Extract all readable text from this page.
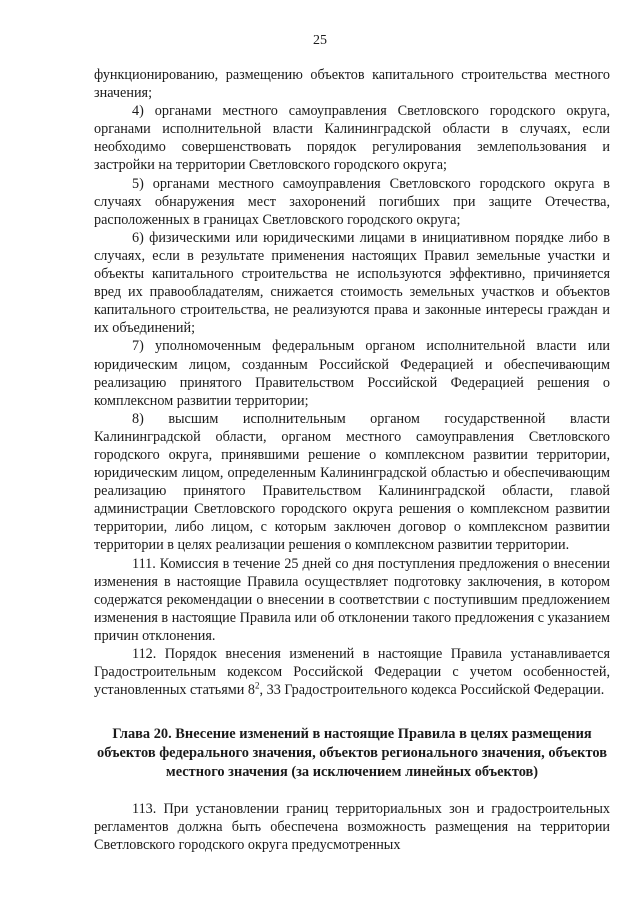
25

функционированию, размещению объектов капитального строительства местного значения;

4) органами местного самоуправления Светловского городского округа, органами исполнительной власти Калининградской области в случаях, если необходимо совершенствовать порядок регулирования землепользования и застройки на территории Светловского городского округа;

5) органами местного самоуправления Светловского городского округа в случаях обнаружения мест захоронений погибших при защите Отечества, расположенных в границах Светловского городского округа;

6) физическими или юридическими лицами в инициативном порядке либо в случаях, если в результате применения настоящих Правил земельные участки и объекты капитального строительства не используются эффективно, причиняется вред их правообладателям, снижается стоимость земельных участков и объектов капитального строительства, не реализуются права и законные интересы граждан и их объединений;

7) уполномоченным федеральным органом исполнительной власти или юридическим лицом, созданным Российской Федерацией и обеспечивающим реализацию принятого Правительством Российской Федерацией решения о комплексном развитии территории;

8) высшим исполнительным органом государственной власти Калининградской области, органом местного самоуправления Светловского городского округа, принявшими решение о комплексном развитии территории, юридическим лицом, определенным Калининградской областью и обеспечивающим реализацию принятого Правительством Калининградской области, главой администрации Светловского городского округа решения о комплексном развитии территории, либо лицом, с которым заключен договор о комплексном развитии территории в целях реализации решения о комплексном развитии территории.

111. Комиссия в течение 25 дней со дня поступления предложения о внесении изменения в настоящие Правила осуществляет подготовку заключения, в котором содержатся рекомендации о внесении в соответствии с поступившим предложением изменения в настоящие Правила или об отклонении такого предложения с указанием причин отклонения.

112. Порядок внесения изменений в настоящие Правила устанавливается Градостроительным кодексом Российской Федерации с учетом особенностей, установленных статьями $8^2$, 33 Градостроительного кодекса Российской Федерации.

Глава 20. Внесение изменений в настоящие Правила в целях размещения объектов федерального значения, объектов регионального значения, объектов местного значения (за исключением линейных объектов)

113. При установлении границ территориальных зон и градостроительных регламентов должна быть обеспечена возможность размещения на территории Светловского городского округа предусмотренных
